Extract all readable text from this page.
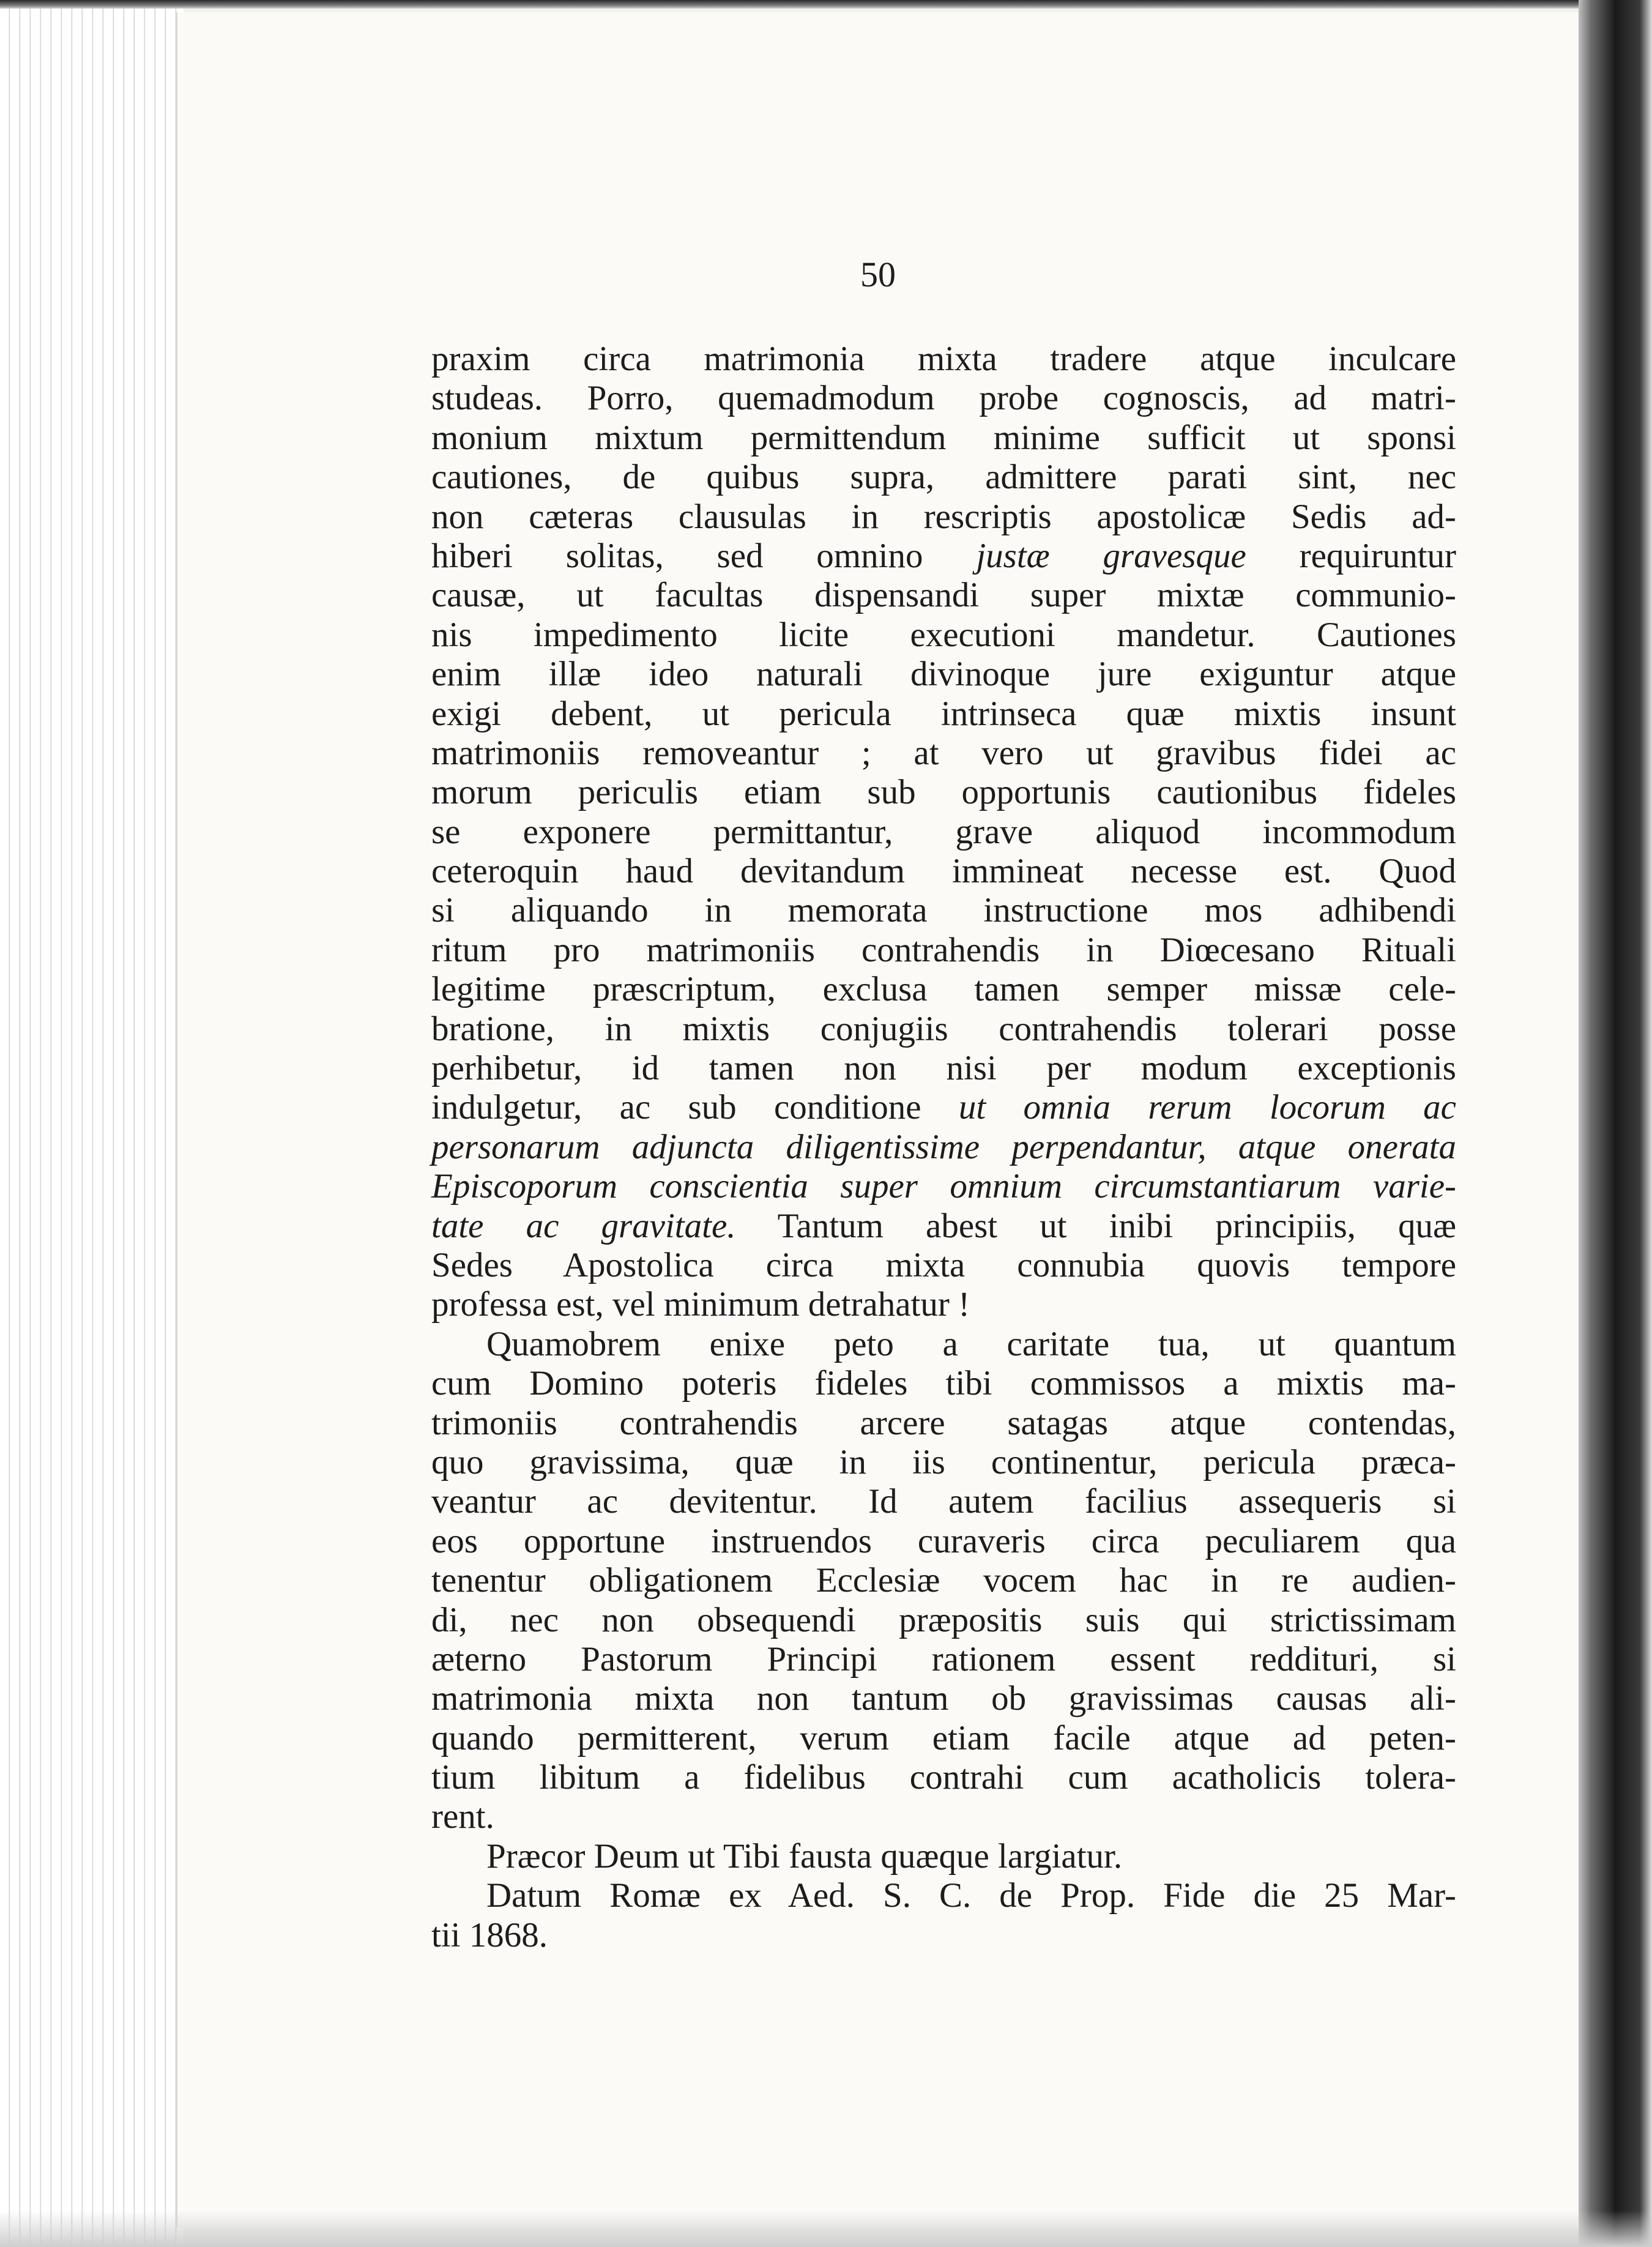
50
praxim circa matrimonia mixta tradere atque inculcare
studeas. Porro, quemadmodum probe cognoscis, ad matri-
monium mixtum permittendum minime sufficit ut sponsi
cautiones, de quibus supra, admittere parati sint, nec
non cæteras clausulas in rescriptis apostolicæ Sedis ad-
hiberi solitas, sed omnino justæ gravesque requiruntur
causæ, ut facultas dispensandi super mixtæ communio-
nis impedimento licite executioni mandetur. Cautiones
enim illæ ideo naturali divinoque jure exiguntur atque
exigi debent, ut pericula intrinseca quæ mixtis insunt
matrimoniis removeantur ; at vero ut gravibus fidei ac
morum periculis etiam sub opportunis cautionibus fideles
se exponere permittantur, grave aliquod incommodum
ceteroquin haud devitandum immineat necesse est. Quod
si aliquando in memorata instructione mos adhibendi
ritum pro matrimoniis contrahendis in Diœcesano Rituali
legitime præscriptum, exclusa tamen semper missæ cele-
bratione, in mixtis conjugiis contrahendis tolerari posse
perhibetur, id tamen non nisi per modum exceptionis
indulgetur, ac sub conditione ut omnia rerum locorum ac
personarum adjuncta diligentissime perpendantur, atque onerata
Episcoporum conscientia super omnium circumstantiarum varie-
tate ac gravitate. Tantum abest ut inibi principiis, quæ
Sedes Apostolica circa mixta connubia quovis tempore
professa est, vel minimum detrahatur !
Quamobrem enixe peto a caritate tua, ut quantum
cum Domino poteris fideles tibi commissos a mixtis ma-
trimoniis contrahendis arcere satagas atque contendas,
quo gravissima, quæ in iis continentur, pericula præca-
veantur ac devitentur. Id autem facilius assequeris si
eos opportune instruendos curaveris circa peculiarem qua
tenentur obligationem Ecclesiæ vocem hac in re audien-
di, nec non obsequendi præpositis suis qui strictissimam
æterno Pastorum Principi rationem essent reddituri, si
matrimonia mixta non tantum ob gravissimas causas ali-
quando permitterent, verum etiam facile atque ad peten-
tium libitum a fidelibus contrahi cum acatholicis tolera-
rent.
Præcor Deum ut Tibi fausta quæque largiatur.
Datum Romæ ex Aed. S. C. de Prop. Fide die 25 Mar-
tii 1868.
